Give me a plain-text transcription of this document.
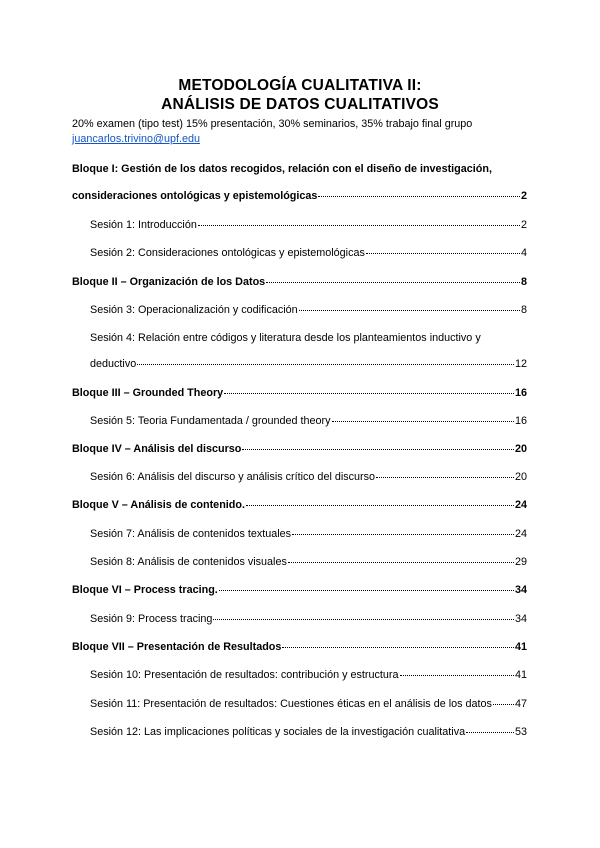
METODOLOGÍA CUALITATIVA II:
ANÁLISIS DE DATOS CUALITATIVOS
20% examen (tipo test) 15% presentación, 30% seminarios, 35% trabajo final grupo
juancarlos.trivino@upf.edu
Bloque I: Gestión de los datos recogidos, relación con el diseño de investigación,
consideraciones ontológicas y epistemológicas	2
Sesión 1: Introducción	2
Sesión 2: Consideraciones ontológicas y epistemológicas	4
Bloque II – Organización de los Datos	8
Sesión 3: Operacionalización y codificación	8
Sesión 4: Relación entre códigos y literatura desde los planteamientos inductivo y
deductivo	12
Bloque III – Grounded Theory	16
Sesión 5: Teoria Fundamentada / grounded theory	16
Bloque IV – Análisis del discurso	20
Sesión 6: Análisis del discurso y análisis crítico del discurso	20
Bloque V – Análisis de contenido.	24
Sesión 7: Análisis de contenidos textuales	24
Sesión 8: Análisis de contenidos visuales	29
Bloque VI – Process tracing.	34
Sesión 9: Process tracing	34
Bloque VII – Presentación de Resultados	41
Sesión 10: Presentación de resultados: contribución y estructura	41
Sesión 11: Presentación de resultados: Cuestiones éticas en el análisis de los datos 47
Sesión 12: Las implicaciones políticas y sociales de la investigación cualitativa	53
